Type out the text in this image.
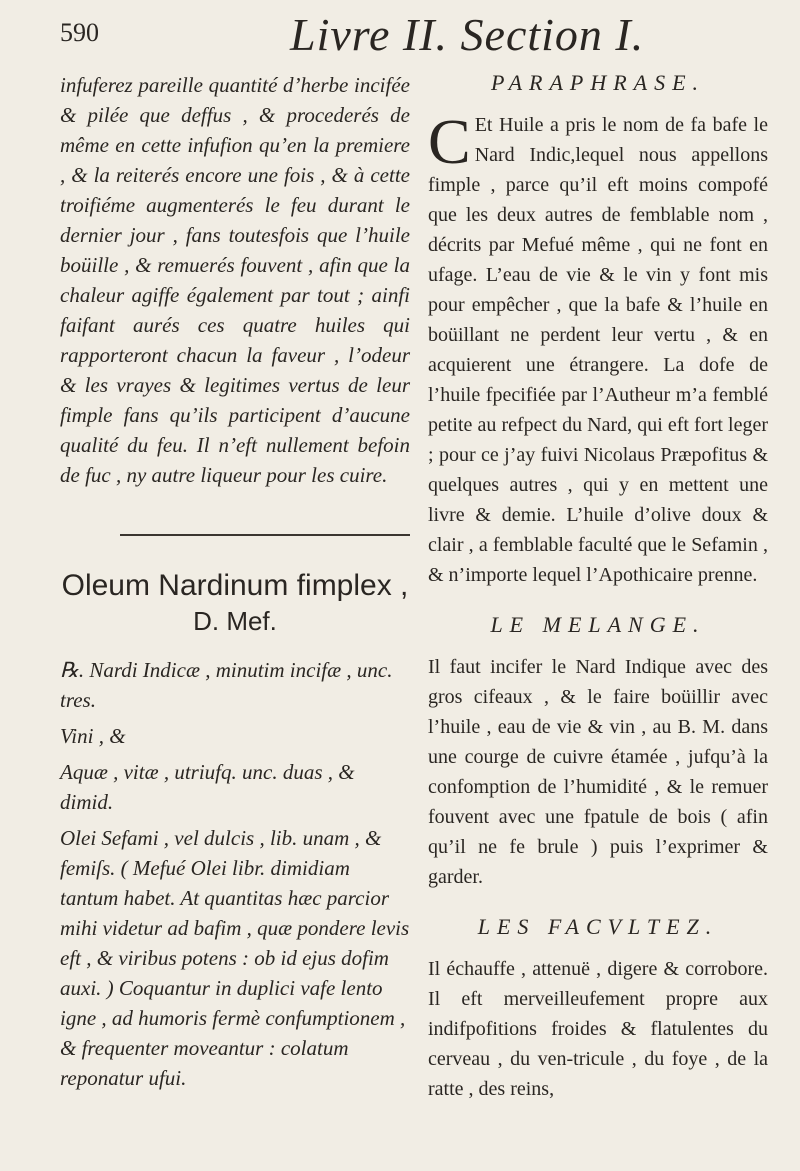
590	Livre II. Section I.

infuferez pareille quantité d’herbe incifée & pilée que deffus , & procederés de même en cette infufion qu’en la premiere , & la reiterés encore une fois , & à cette troifiéme augmenterés le feu durant le dernier jour , fans toutesfois que l’huile boüille , & remuerés fouvent , afin que la chaleur agiffe également par tout ; ainfi faifant aurés ces quatre huiles qui rapporteront chacun la faveur , l’odeur & les vrayes & legitimes vertus de leur fimple fans qu’ils participent d’aucune qualité du feu. Il n’eft nullement befoin de fuc , ny autre liqueur pour les cuire.

Oleum Nardinum fimplex ,
D. Mef.

℞. Nardi Indicæ , minutim incifæ , unc. tres.

Vini , &

Aquæ , vitæ , utriufq. unc. duas , & dimid.

Olei Sefami , vel dulcis , lib. unam , & femiſs. ( Mefué Olei libr. dimidiam tantum habet. At quantitas hæc parcior mihi videtur ad bafim , quæ pondere levis eft , & viribus potens : ob id ejus dofim auxi. ) Coquantur in duplici vafe lento igne , ad humoris fermè confumptionem , & frequenter moveantur : colatum reponatur ufui.

PARAPHRASE.

C Et Huile a pris le nom de fa bafe le Nard Indic,lequel nous appellons fimple , parce qu’il eft moins compofé que les deux autres de femblable nom , décrits par Mefué même , qui ne font en ufage. L’eau de vie & le vin y font mis pour empêcher , que la bafe & l’huile en boüillant ne perdent leur vertu , & en acquierent une étrangere. La dofe de l’huile fpecifiée par l’Autheur m’a femblé petite au refpect du Nard, qui eft fort leger ; pour ce j’ay fuivi Nicolaus Præpofitus & quelques autres , qui y en mettent une livre & demie. L’huile d’olive doux & clair , a femblable faculté que le Sefamin , & n’importe lequel l’Apothicaire prenne.

LE MELANGE.

Il faut incifer le Nard Indique avec des gros cifeaux , & le faire boüillir avec l’huile , eau de vie & vin , au B. M. dans une courge de cuivre étamée , jufqu’à la confomption de l’humidité , & le remuer fouvent avec une fpatule de bois ( afin qu’il ne fe brule ) puis l’exprimer & garder.

LES FACVLTEZ.

Il échauffe , attenuë , digere & corrobore. Il eft merveilleufement propre aux indifpofitions froides & flatulentes du cerveau , du ven-tricule , du foye , de la ratte , des reins,
